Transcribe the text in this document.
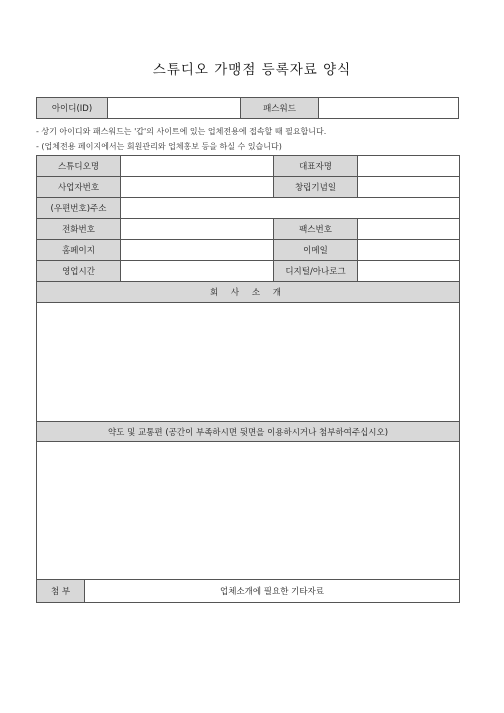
스튜디오 가맹점 등록자료 양식
아이디(ID)		패스워드	
- 상기 아이디와 패스워드는 '갑'의 사이트에 있는 업체전용에 접속할 때 필요합니다.
- (업체전용 페이지에서는 회원관리와 업체홍보 등을 하실 수 있습니다)
스튜디오명			대표자명	
사업자번호			창립기념일	
(우편번호)주소				
전화번호			팩스번호	
홈페이지			이메일	
영업시간			디지털/아나로그	
회 사 소 개				

약도 및 교통편 (공간이 부족하시면 뒷면을 이용하시거나 첨부하여주십시오)				

첨 부	업체소개에 필요한 기타자료			
